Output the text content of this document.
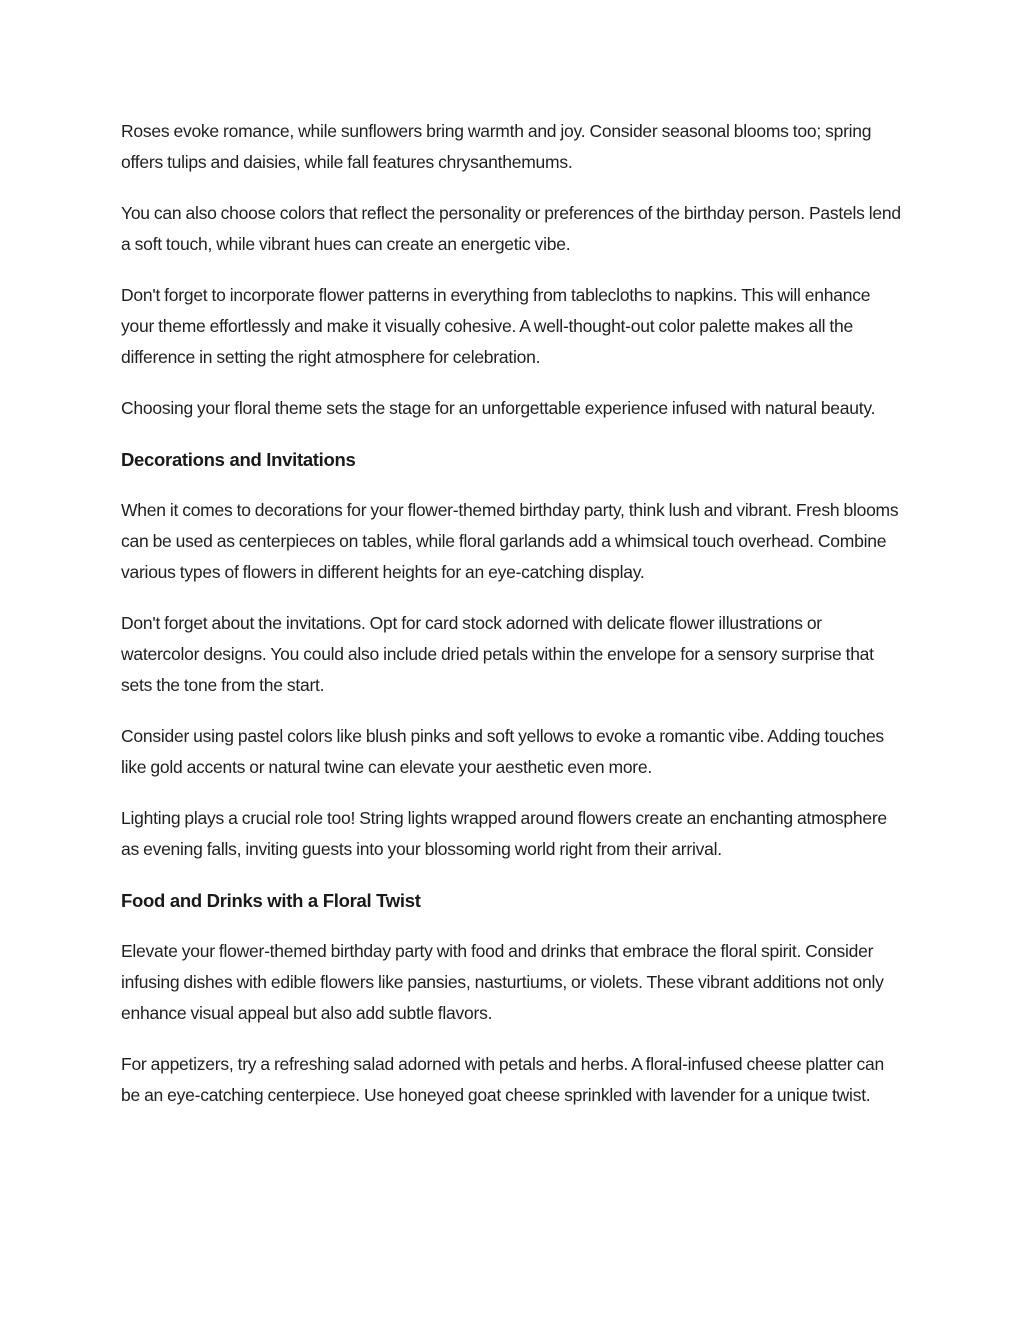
Roses evoke romance, while sunflowers bring warmth and joy. Consider seasonal blooms too; spring offers tulips and daisies, while fall features chrysanthemums.

You can also choose colors that reflect the personality or preferences of the birthday person. Pastels lend a soft touch, while vibrant hues can create an energetic vibe.

Don't forget to incorporate flower patterns in everything from tablecloths to napkins. This will enhance your theme effortlessly and make it visually cohesive. A well-thought-out color palette makes all the difference in setting the right atmosphere for celebration.

Choosing your floral theme sets the stage for an unforgettable experience infused with natural beauty.

Decorations and Invitations

When it comes to decorations for your flower-themed birthday party, think lush and vibrant. Fresh blooms can be used as centerpieces on tables, while floral garlands add a whimsical touch overhead. Combine various types of flowers in different heights for an eye-catching display.

Don't forget about the invitations. Opt for card stock adorned with delicate flower illustrations or watercolor designs. You could also include dried petals within the envelope for a sensory surprise that sets the tone from the start.

Consider using pastel colors like blush pinks and soft yellows to evoke a romantic vibe. Adding touches like gold accents or natural twine can elevate your aesthetic even more.

Lighting plays a crucial role too! String lights wrapped around flowers create an enchanting atmosphere as evening falls, inviting guests into your blossoming world right from their arrival.

Food and Drinks with a Floral Twist

Elevate your flower-themed birthday party with food and drinks that embrace the floral spirit. Consider infusing dishes with edible flowers like pansies, nasturtiums, or violets. These vibrant additions not only enhance visual appeal but also add subtle flavors.

For appetizers, try a refreshing salad adorned with petals and herbs. A floral-infused cheese platter can be an eye-catching centerpiece. Use honeyed goat cheese sprinkled with lavender for a unique twist.
